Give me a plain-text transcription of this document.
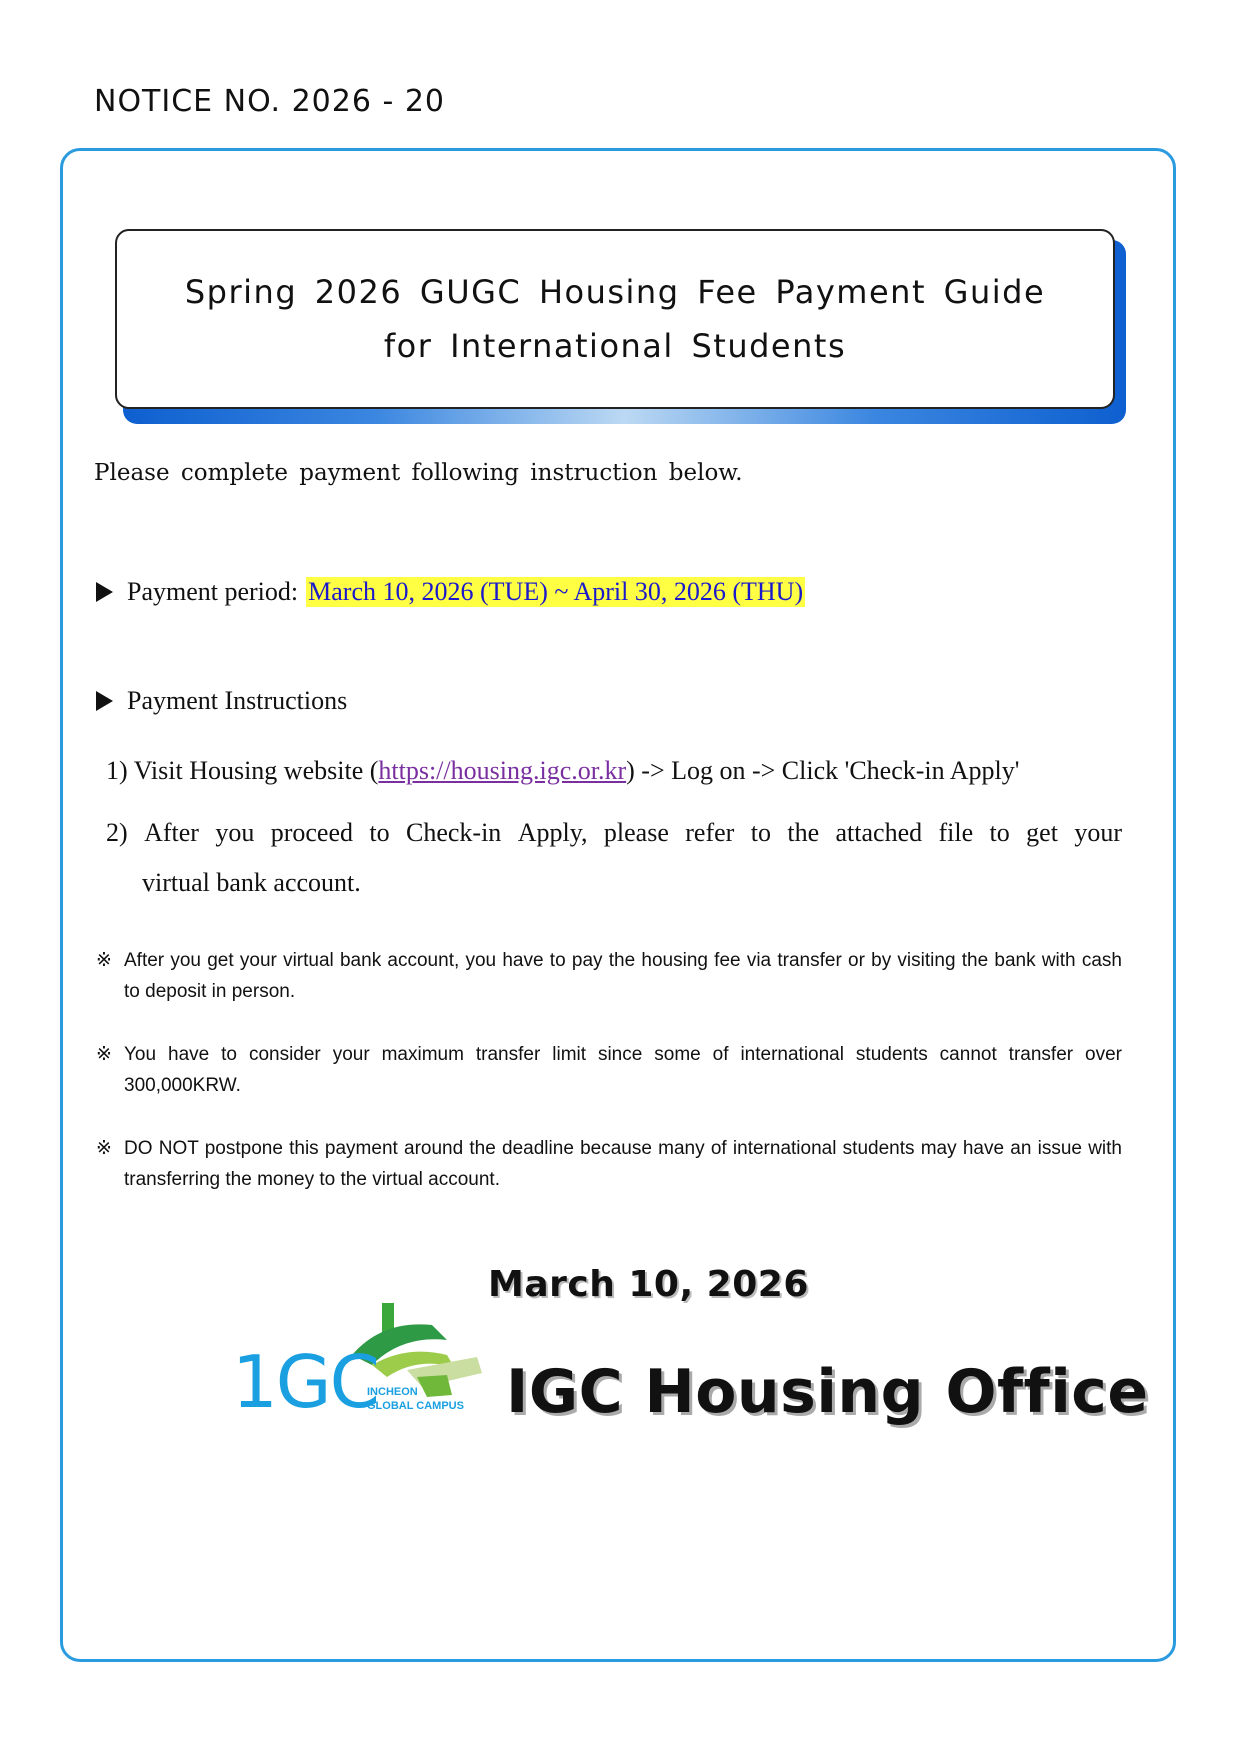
NOTICE NO. 2026 - 20
Spring 2026 GUGC Housing Fee Payment Guide
for International Students
Please complete payment following instruction below.
Payment period: March 10, 2026 (TUE) ~ April 30, 2026 (THU)
Payment Instructions
1) Visit Housing website (https://housing.igc.or.kr) -> Log on -> Click 'Check-in Apply'
2) After you proceed to Check-in Apply, please refer to the attached file to get your
virtual bank account.
※ After you get your virtual bank account, you have to pay the housing fee via transfer or by visiting the bank with cash to deposit in person.
※ You have to consider your maximum transfer limit since some of international students cannot transfer over 300,000KRW.
※ DO NOT postpone this payment around the deadline because many of international students may have an issue with transferring the money to the virtual account.
March 10, 2026
1GC
INCHEON
GLOBAL CAMPUS IGC Housing Office
